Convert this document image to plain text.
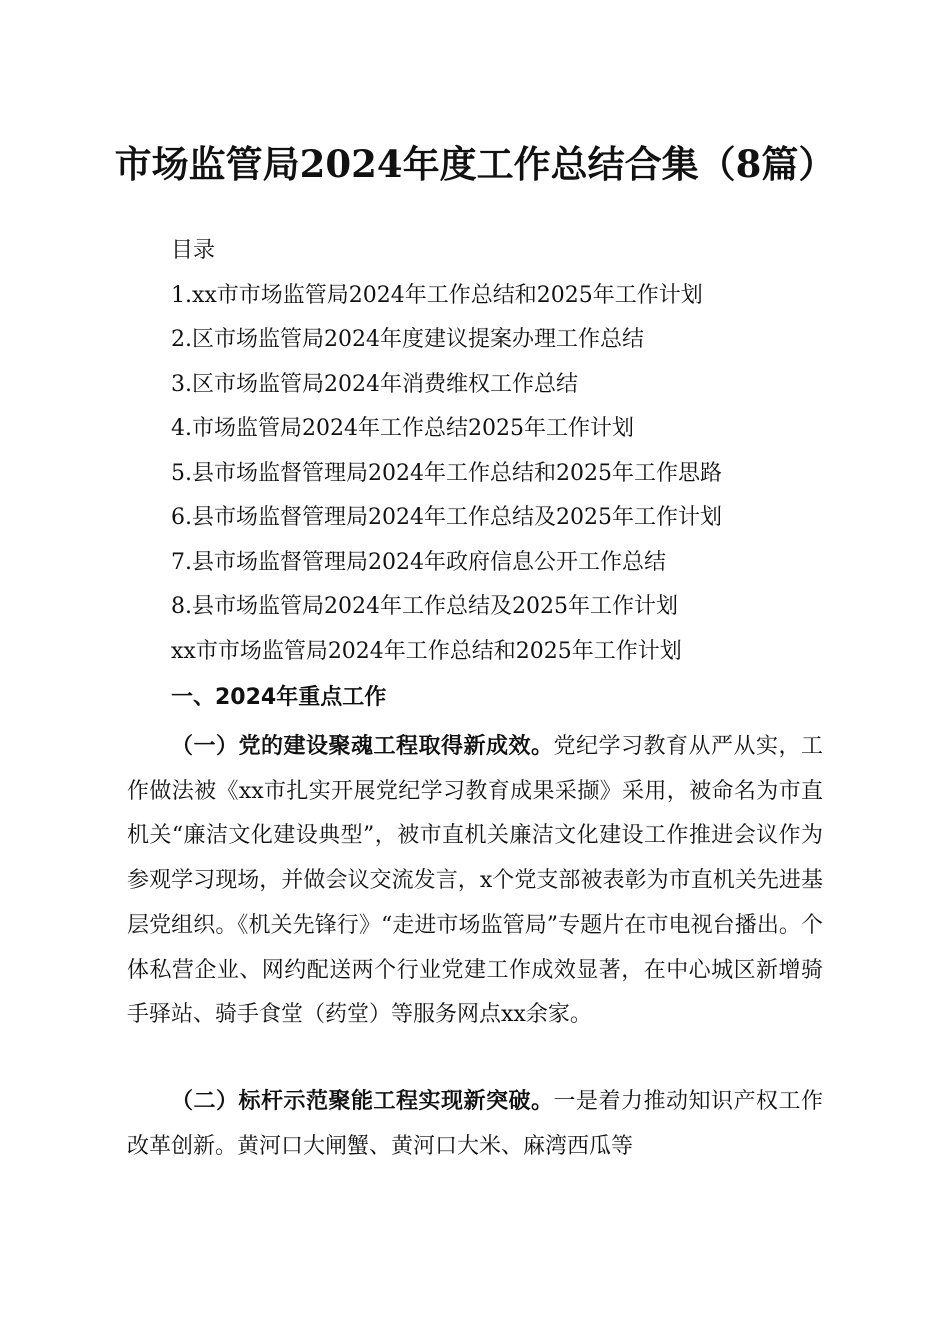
市场监管局2024年度工作总结合集（8篇）
目录
1.xx市市场监管局2024年工作总结和2025年工作计划
2.区市场监管局2024年度建议提案办理工作总结
3.区市场监管局2024年消费维权工作总结
4.市场监管局2024年工作总结2025年工作计划
5.县市场监督管理局2024年工作总结和2025年工作思路
6.县市场监督管理局2024年工作总结及2025年工作计划
7.县市场监督管理局2024年政府信息公开工作总结
8.县市场监管局2024年工作总结及2025年工作计划
xx市市场监管局2024年工作总结和2025年工作计划
一、2024年重点工作

（一）党的建设聚魂工程取得新成效。党纪学习教育从严从实，工作做法被《xx市扎实开展党纪学习教育成果采撷》采用，被命名为市直机关“廉洁文化建设典型”，被市直机关廉洁文化建设工作推进会议作为参观学习现场，并做会议交流发言，x个党支部被表彰为市直机关先进基层党组织。《机关先锋行》“走进市场监管局”专题片在市电视台播出。个体私营企业、网约配送两个行业党建工作成效显著，在中心城区新增骑手驿站、骑手食堂（药堂）等服务网点xx余家。

（二）标杆示范聚能工程实现新突破。一是着力推动知识产权工作改革创新。黄河口大闸蟹、黄河口大米、麻湾西瓜等
